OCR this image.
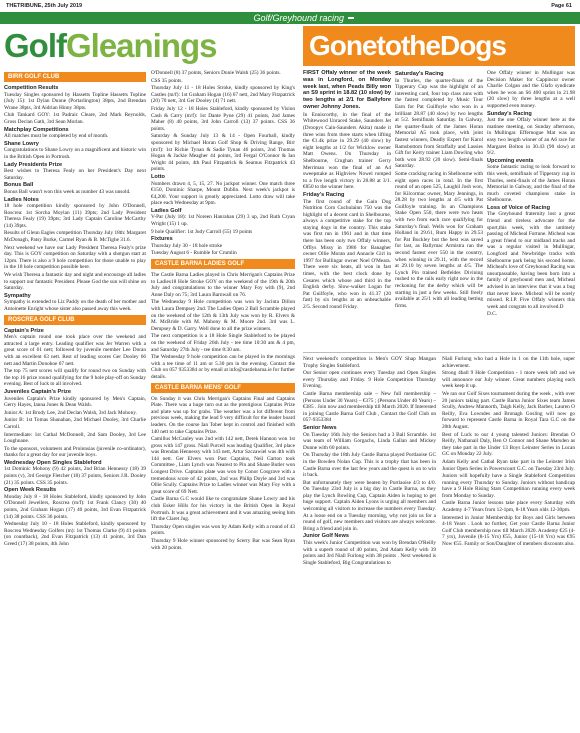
THETRIBUNE, 25th July 2019	Page 61
Golf/Greyhound racing
GolfGleanings	GonetotheDogs
BIRR GOLF CLUB
Competition Results
Tuesday Singles sponsored by Hassetts Topline Hassetts Topline (July 15): 1st Dylan Dunne (Portarlington) 38pts, 2nd Brendan Wrane 38pts, 3rd Aidrian Hinny 38pts.
Club Tankard GOY: 1st Padraic Cleare, 2nd Mark Reynolds, Gross Declan Gath, 3rd Sean Morlan.
Matchplay Competitions
All matches must be completed by end of month.
Shane Lowry
Congratulations to Shane Lowry on a magnificent and historic win in the British Open in Portrush.
Lady Presidents Prize
Best wishes to Theresa Fealy on her President's Day next Saturday.
Bonus Ball
Bonus Ball wasn't won this week as number 43 was unsold.
Ladies Notes
18 hole competition kindly sponsored by John O'Donnell, Roscrea: 1st Sorcha Moylan (11) 39pts; 2nd Lady President Theresa Fealy (19) 39pts; 3rd Lady Captain Caroline McCarthy (14) 39pts.
Results of Glenn Eagles competition Thursday July 18th: Margaret McDonagh, Patsy Burke, Carmel Ryan & B. McTighe 31.6.
Next weekend we have our Lady President Theresa Fealy's prize day. This is GOY competition on Saturday with a shotgun start at 12pm. There is also a 9 hole competition for those unable to play in the 18 hole competition possible here.
We wish Theresa a fantastic day and night and encourage all ladies to support our fantastic President. Please God the sun will shine on Saturday.
Sympathy
Sympathy is extended to Liz Paddy on the death of her mother and Antoinette Enright whose sister also passed away this week.
ROSCREA GOLF CLUB
Captain's Prize
Men's captain round one took place over the weekend and attracted a large entry. Leading qualifier was Jer Warren with a great score of 61 nett; followed by juvenile member Lee Doran with an excellent 63 nett. Rest of leading scores Ger Dooley 66 nett and Martin Donohoe 67 nett.
The top 75 nett scores will qualify for round two on Sunday with the top 16 prize round qualifying for the 9 hole play-off on Sunday evening. Best of luck to all involved.
Juveniles Captain's Prize
Juveniles Captain's Prize kindly sponsored by Men's Captain, Gerry Hayes, Ianna Jones & Dean Walsh.
Junior A: 1st Brody Lee, 2nd Declan Walsh, 3rd Jack Mohony.
Junior B: 1st Tomas Shanahan, 2nd Michael Dooley, 3rd Charlie Carroll.
Intermediate: 1st Cathal McDonnell, 2nd Sam Dooley, 3rd Lee Loughnane.
To the sponsors, volunteers and Proinnsias (juvenile co-ordinator), thanks for a great day for our juvenile boys.
Wednesday Open Singles Stableford
1st Dominic Mohony (9) 42 points, 2nd Brian Hennessy (18) 39 points (v), 3rd George Fletcher (18) 37 points, Seniors J.R. Dooley (21) 35 points. CSS 35 points.
Open Week Results
Monday July 8 - 18 Holes Stableford, kindly sponsored by John O'Donnell Jewellers, Roscrea (m/f): 1st Frank Clancy (30) 40 points, 2nd Graham Hogan (17) 40 points, 3rd Evan Fitzpatrick (14) 38 points. CSS 36 points.
Wednesday July 10 - 18 Holes Stableford, kindly sponsored by Roscrea Wednesday Golfers (m): 1st Thomas Clarke (9) 41 points (on countback), 2nd Evan Fitzpatrick (13) 41 points, 3rd Dan Greed (17) 38 points, 4th John
O'Donnell (8) 37 points, Seniors Donie Walsh (25) 36 points.
CSS 35 points.
Thursday July 11 - 18 Holes Stroke, kindly sponsored by King's Castles (m/f): 1st Graham Hogan (16) 67 nett, 2nd Mary Fitzpatrick (20) 70 nett, 3rd Ger Dooley (4) 71 nett.
Friday July 12 - 18 Holes Stableford, kindly sponsored by Vision Cash & Carry (m/f): 1st Dante Pyne (29) 41 points, 2nd James Maher (8) 40 points, 3rd John Carroll (13) 37 points. CSS 36 points.
Saturday & Sunday July 13 & 14 - Open Fourball, kindly sponsored by Michael Horan Golf Shop & Driving Range, Birr (m/f): 1st Richie Tynan & Sadie Tynan 46 points, 2nd Thomas Hogan & Jackie Meagher 44 points, 3rd Fergal O'Connor & Ian Wright 44 points, 4th Paul Fitzpatrick & Seamus Fitzpatrick 43 points.
Lotto
Numbers drawn 4, 5, 15, 27. No jackpot winner. One match three €150, Dominic Sharpe, Mount Dublin. Next week's jackpot is €4,200. Your support is greatly appreciated. Lotto draw will take place each Wednesday at 9pm.
Ladies Golf
V-Par (July 18): 1st Noreen Hanrahan (29) 3 up, 2nd Ruth Cryan Wright (15) 1 up.
9 hole Qualifier: 1st Judy Carroll (55) 19 points
Fixtures
Thursday July 30 - 18 hole stroke
Tuesday August 6 - Rumble for Crumlin
CASTLE BARNA LADIES GOLF
The Castle Barna Ladies played in Chris Merrigan's Captains Prize to Ladies18 Hole Stroke GOY on the weekend of the 19th & 20th July and congratulations to the winner Mary Foy with (9), 2nd Anne Daly on 75; 3rd Laura Barnwall on 76.
The Wednesday 9 Hole competition was won by Jacinta Dillon with Laura Dempsey 2nd. The Ladies Open 2 Ball Scramble played on the weekend of the 12th & 13th July was won by R. Elvers & M. McBride with M. Mahony & M. Moore 2nd. 3rd was L. Dempsey & D. Garry. Well done to all the prize winners.
The next competition is a 18 Hole Single Stableford to be played on the weekend of Friday 26th July - tee time 10:30 am & 4 pm, and Saturday 27th July - tee time 8:30 am.
The Wednesday 9 hole competition can be played in the mornings with a tee time of 11 am or 5.30 pm in the evening. Contact the Club on 057 9353384 or by email at info@castlebarna.ie for further details.
CASTLE BARNA MENS' GOLF
On Sunday it was Chris Merrigan's Captains Final and Captains Plate. There was a huge turn out as the prestigious Captains Prize and plate was up for grabs. The weather was a lot different from previous week, making the lead 9 very difficult for the leader board leaders. On the course Ian Tober kept in control and finished with 140 nett to take Captains Prize.
Camillus McCauley was 2nd with 142 nett, Derek Hannon won 1st gross with 147 gross. Niall Purcell was leading Qualifier, 3rd place was Brendan Hennessy with 143 nett, Artur Szczawiel was 4th with 144 nett. Ger Elvers won Past Captains, Neil Garton took Committee , Liam Lynch was Nearest to Pin and Shane Butler won Longest Drive. Captains plate was won by Conor Cosgrave with a tremendous score of 42 points, 2nd was Philip Doyle and 3rd was Ollie Scully. Captains Prize to Ladies winner was Mary Foy with a great score of 69 Nett.
Castle Barna G.C would like to congratulate Shane Lowry and his club Esker Hills for his victory in the British Open in Royal Portrush. It was a great achievement and it was amazing seeing him lift the Claret Jug.
Thursday Open singles was won by Adam Kelly with a round of 43 points.
Thursday 9 Hole winner sponsored by Scerry Bar was Sean Ryan with 20 points.
FIRST Offaly winner of the week was in Longford, on Monday week last, when Peads Billy won an S9 sprint in 18.82 (10 slow) by two lengths at 2/1 for Ballyfore owner Johnny Jones.
In Enniscorthy, in the final of the Whitewood Unraced Stake, Saunders Jet (Droopys Cain-Saunders Akita) made it three wins from three starts when lifting the €1.4k prize in 29.29 (40 slow) by eight lengths at 1/2 for Wicklow owner Matt Owens. On Thursday in Shelbourne, Crughan trainer Gerry Merriman won the final of an A4 sweepstake as Highview Nowel romped to a five length victory in 28.88 at 3/1. €850 to the winner here.
Friday's Racing
The first round of the Gain Dog Nutrition Corn Cuchulainn 750 was the highlight of a decent card in Shelbourne, always a competitive stake for the top staying dogs in the country. This stake was first run in 1961 and in that time there has been only two Offaly winners, Offlys Missy in 1986 for Banagher owner Ollie Moran and Annacle Girl in 1997 for Bullingar owner Noel O'Meara. There were six heats, all won in fast times, with the best clock done by Cesares which whose and third in the English derby. Slow-walker Logan for Pat Guilfoyle, who won in 41.37 (20 fast) by six lengths at an unbeachable 2/5. Second round Friday.
Saturday's Racing
In Thurles, the quarter-finals of the Tipperary Cup was the highlight of an interesting card, four top class runs with the fastest completed by Music Tour Earn for Pat Guilfoyle who won in a brilliant 28.87 (40 slow) by two lengths at 5/2. Semifinals Saturday. In Galway, the quarter-finals of the James Horan Memorial A5 took place, with joint fastest winners, Deadly Expert for Karol Ramsbottom from Straffally and Lassies Gift for Kerry trainer Liam Dowling who both won 28.92 (20 slow). Semi-finals Saturday.
Some cracking racing in Shelbourne with eight open races in total. In the first round of an open 525, Laughil Josh won, for Kilcormac owner, Mary Jennings, in 28.28 by two lengths at 4/5 with Pat Guilfoyle training. In an Champions Stake Open 550, there were two heats with two from each race qualifying for Saturday's final. Wells won for Graham Holland in 29.61, Rum Happy in 29.53 for Pat Buckley but the best was saved for last, as Ballymac Armistra ran the second fastest ever 550 in the country, when winning in 29.11, with the record at 29.10 by seven lengths at 4/5. The Lynch Pin trained Betfeldes Divining rushed to the rails early right now in the reckoning for the derby which will be starting in just a few weeks. Still freely available at 25/1 with all leading betting firms.
One Offaly winner in Mullingar was Decision Maker for Cappincur owner Charlie Colgan and the Glafo syndicate when he won an S6 400 sprint in 21.98 (20 slow) by three lengths at a well supported even money.
Sunday's Racing
Just the one Offaly winner here at the matinee meeting, on Sunday afternoon, in Mullingar. Effernogue Mat was an easy two length winner of an A6 race for Margaret Bolton in 30.43 (90 slow) at 9/2.
Upcoming events
Some fantastic racing to look forward to this week, semifinals of Tipperary cup in Thurles, semi-finals of the James Horan Memorial in Galway, and the final of the much coveted champions stake in Shelbourne.
Loss of Voice of Racing
The Greyhound fraternity lost a great friend and tireless advocate for the sport,this week, with the untimely passing of Micheal Fortune. Micheal was a great friend to our midland tracks and was a regular visited in Mullingar, Longford and Newbridge tracks with Shelbourne park being his second home. Micheal's love of Greyhound Racing was unsurpassable, having been born into a family of greyhound men and, Micheal advised in an interview that it was a bug that never leave. Micheal will be sorely missed. R.I.P. Five Offaly winners this week and congrats to all involved.D
D.C.
Next weekend's competition is Men's GOY Shap Mangan Trophy Singles Stableford.
Our Senior open continues every Tuesday and Open Singles every Thursday and Friday. 9 Hole Competition Thursday Evening.
Castle Barna membership sale – New full membership – (Persons Under 30 Years) – €375 ; (Persons Under 40 Years) – €385 . Join now and membership till March 2020. If Interested in joining Castle Barna Golf Club , Contact the Golf Club on 057-9353384
Senior News
On Tuesday 16th July the Seniors had a 3 Ball Scramble. 1st was team of William Gorgachs, Linda Gallan and Mickey Dunne with 60 points.
On Thursday the 18th July Castle Barna played Portlaoise GC in the Bowden Nolan Cup. This is a trophy that has been in Castle Barna over the last few years and the quest is on to win it back.
But unfortunately they were beaten by Portlaoise 4/3 to 4/0. On Tuesday 23rd July is a big day in Castle Barna, as they play the Lynch Bowling Cup, Captain Aiden is hoping to get huge support. Captain Aiden Lyons is urging all members and welcoming all visitors to increase the numbers every Tuesday. At a loose end on a Tuesday morning, why not join us for a round of golf, new members and visitors are always welcome. Bring a friend and join in.
Junior Golf News
This week's Junior Competition was won by Brendan O'Reilly with a superb round of 40 points, 2nd Adam Kelly with 39 points and 3rd Niall Furlong with 38 points . Next weekend is Single Stableford, Big Congratulations to
Niall Furlong who had a Hole in 1 on the 11th hole, super achievement.
Strong 4ball 9 Hole Competition - 1 more week left and we will announce our July winner. Great numbers playing each week keep it up.
We ran our Golf Sixes tournament during the week , with over 20 juniors taking part. Castle Barna Junior Sixes team James Scully, Andrew Mannorth, Taigh Kelly, Jack Barber, Lauren O Reilly, Eva Lowndes and Bronagh Gosling will now go forward to represent Castle Barna in Royal Tara G.C on the 20th August.
Best of Luck to our 4 young talented Juniors: Brendan O Reilly, Nathanail Daly, Ben O Connor and Shane Marsden as they take part in the Under 13 Boys Leinster Series in Lucan GC on Monday 22 July.
Adam Kelly and Cathal Ryan take part in the Leinster Irish Junior Open Series in Powerscourt G.C. on Tuesday 23rd July.
Juniors will hopefully have a Single Stableford Competition running every Thursday to Sunday. Juniors without handicap have a 9 Hole Rising Stars Competition running every week from Monday to Sunday.
Castle Barna Junior lessons take place every Saturday with Academy 4-7 Years from 12-1pm, 8-18 Years olds 12-30pm.
Interested in Junior Membership for Boys and Girls between 4-18 Years . Look no further, Get your Castle Barna Junior Golf Club membership now till March 2020. Academy €25 (4-7 yrs), Juvenile (8-15 Yrs) €55, Junior (15-18 Yrs) was €95 Now €55. Family or Son/Daughter of members discounts also.
